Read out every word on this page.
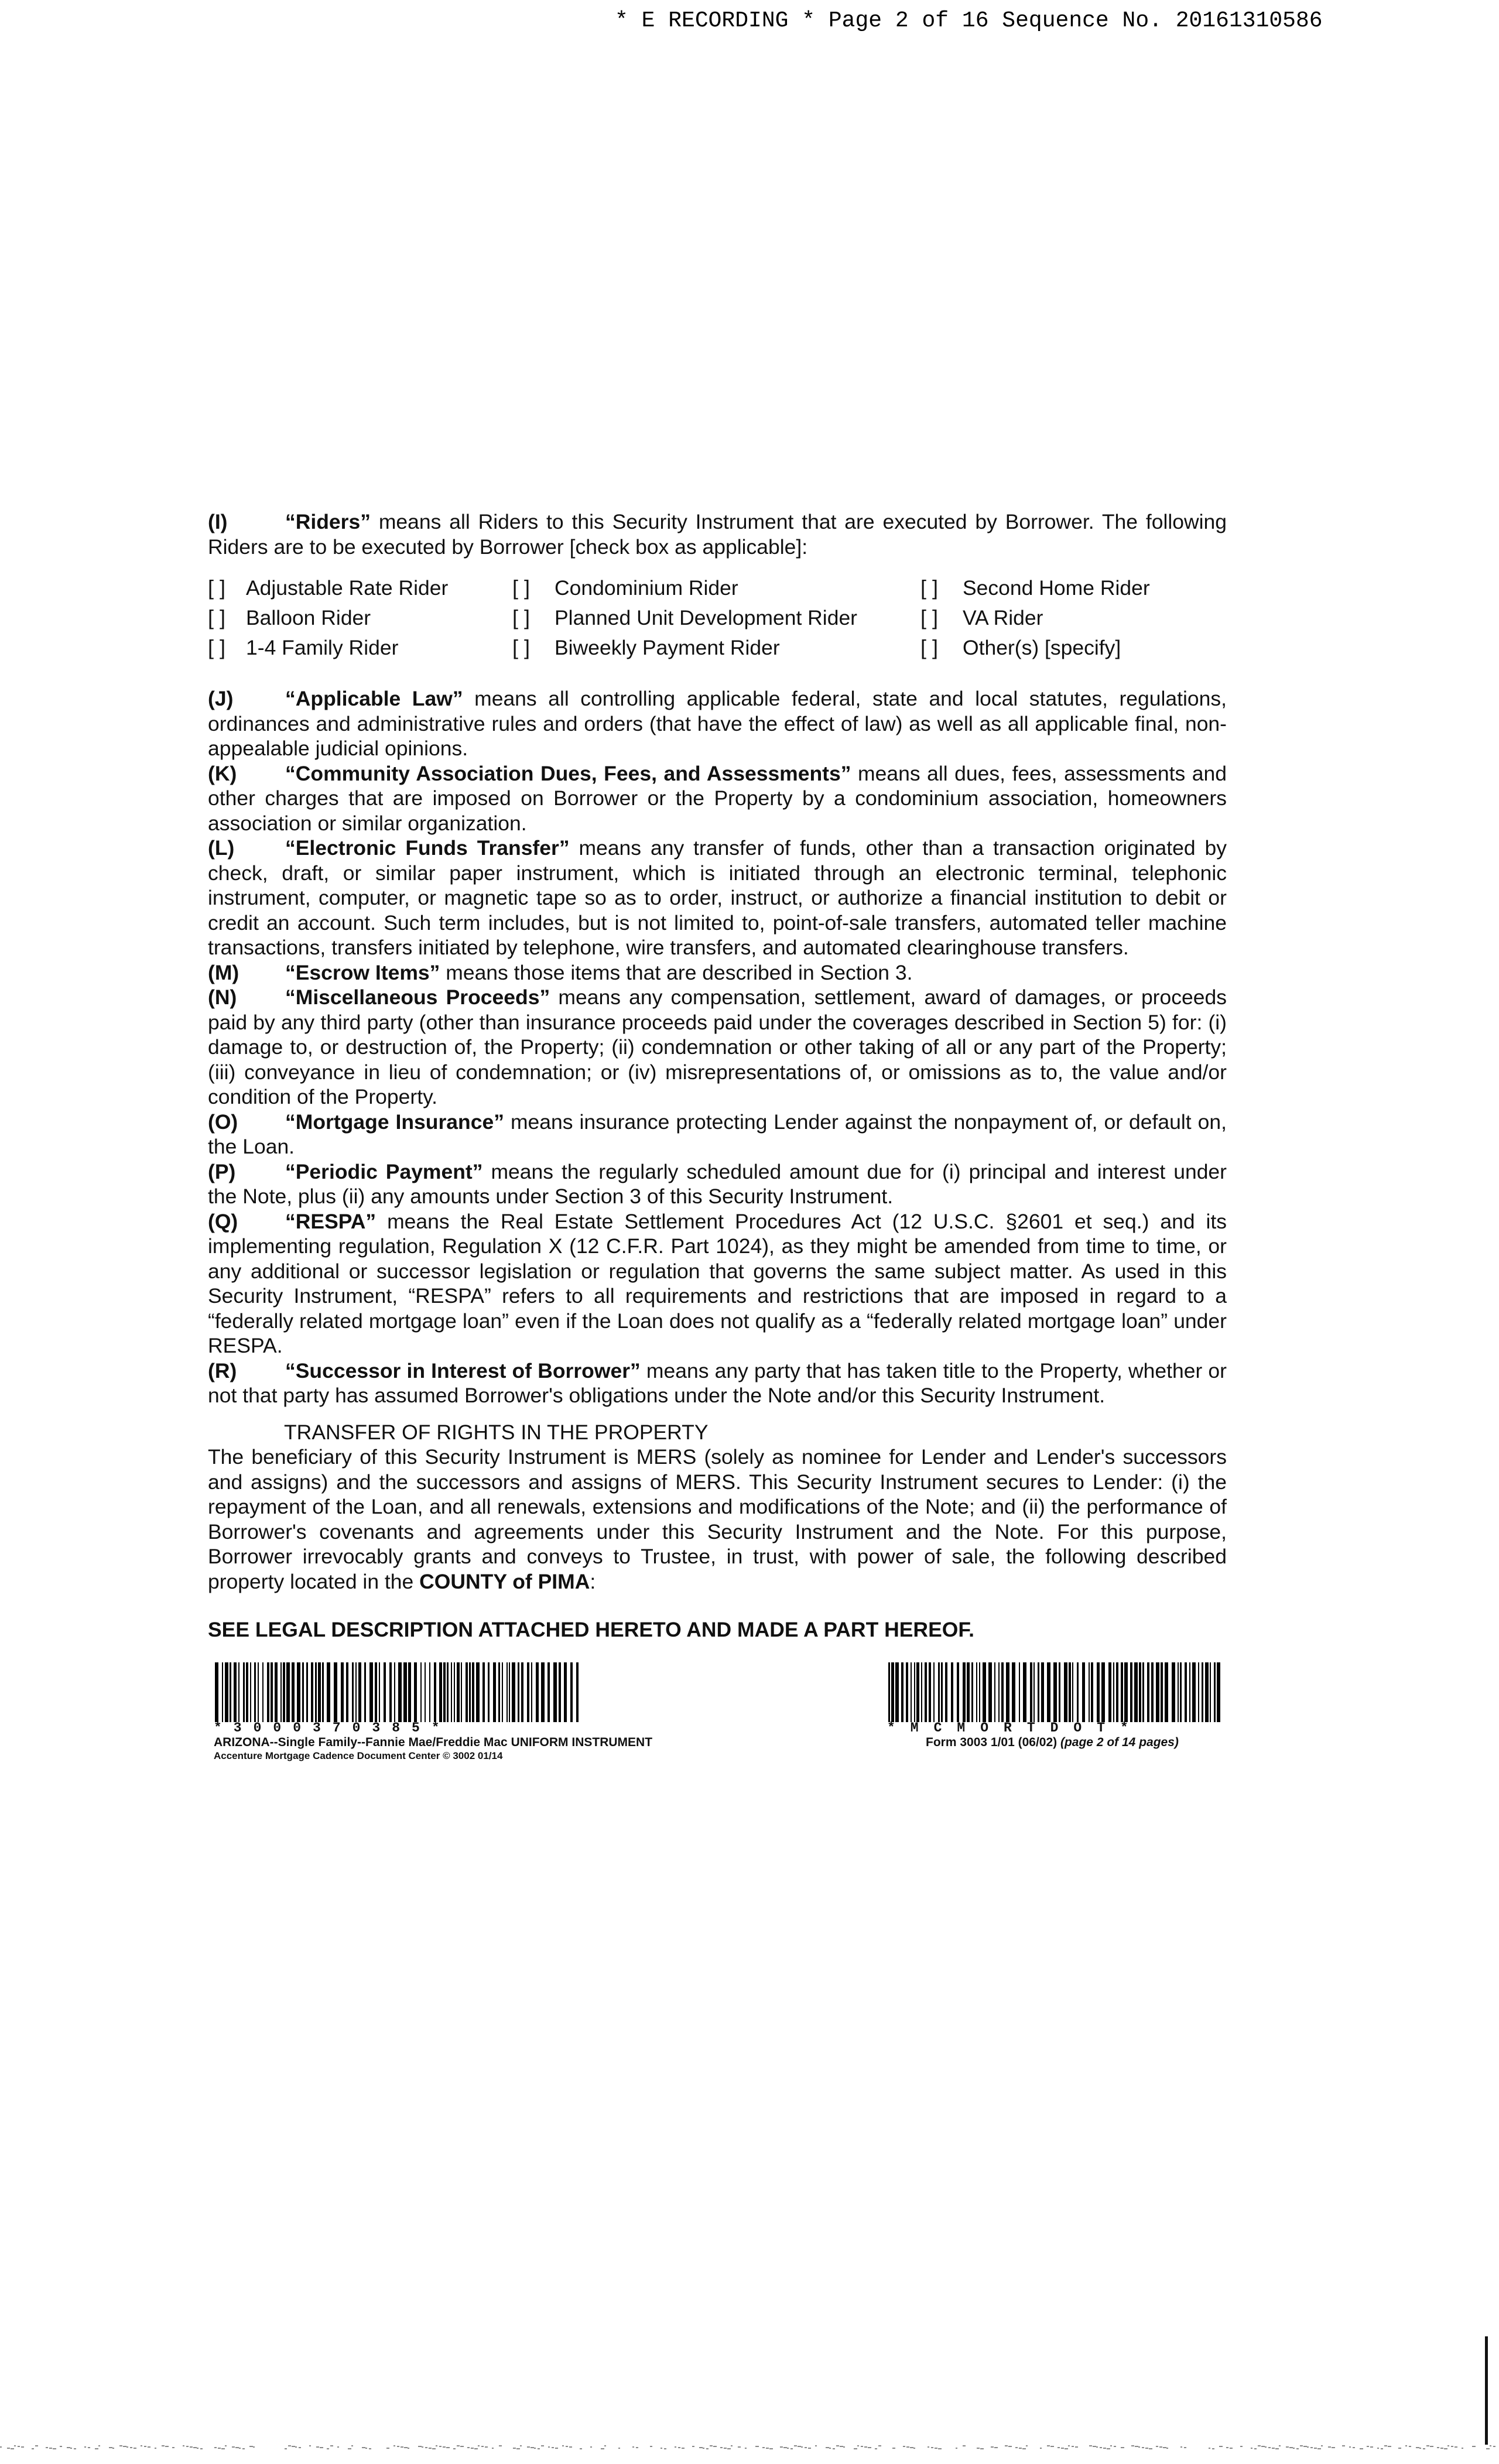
* E RECORDING * Page 2 of 16 Sequence No. 20161310586

(I)	“Riders” means all Riders to this Security Instrument that are executed by Borrower. The following Riders are to be executed by Borrower [check box as applicable]:

[ ] Adjustable Rate Rider	[ ]	Condominium Rider	[ ]	Second Home Rider
[ ] Balloon Rider	[ ]	Planned Unit Development Rider	[ ]	VA Rider
[ ] 1-4 Family Rider	[ ]	Biweekly Payment Rider	[ ]	Other(s) [specify]

(J) “Applicable Law” means all controlling applicable federal, state and local statutes, regulations, ordinances and administrative rules and orders (that have the effect of law) as well as all applicable final, non-appealable judicial opinions.

(K) “Community Association Dues, Fees, and Assessments” means all dues, fees, assessments and other charges that are imposed on Borrower or the Property by a condominium association, homeowners association or similar organization.

(L) “Electronic Funds Transfer” means any transfer of funds, other than a transaction originated by check, draft, or similar paper instrument, which is initiated through an electronic terminal, telephonic instrument, computer, or magnetic tape so as to order, instruct, or authorize a financial institution to debit or credit an account. Such term includes, but is not limited to, point-of-sale transfers, automated teller machine transactions, transfers initiated by telephone, wire transfers, and automated clearinghouse transfers.

(M) “Escrow Items” means those items that are described in Section 3.

(N) “Miscellaneous Proceeds” means any compensation, settlement, award of damages, or proceeds paid by any third party (other than insurance proceeds paid under the coverages described in Section 5) for: (i) damage to, or destruction of, the Property; (ii) condemnation or other taking of all or any part of the Property; (iii) conveyance in lieu of condemnation; or (iv) misrepresentations of, or omissions as to, the value and/or condition of the Property.

(O) “Mortgage Insurance” means insurance protecting Lender against the nonpayment of, or default on, the Loan.

(P) “Periodic Payment” means the regularly scheduled amount due for (i) principal and interest under the Note, plus (ii) any amounts under Section 3 of this Security Instrument.

(Q) “RESPA” means the Real Estate Settlement Procedures Act (12 U.S.C. §2601 et seq.) and its implementing regulation, Regulation X (12 C.F.R. Part 1024), as they might be amended from time to time, or any additional or successor legislation or regulation that governs the same subject matter. As used in this Security Instrument, “RESPA” refers to all requirements and restrictions that are imposed in regard to a “federally related mortgage loan” even if the Loan does not qualify as a “federally related mortgage loan” under RESPA.

(R) “Successor in Interest of Borrower” means any party that has taken title to the Property, whether or not that party has assumed Borrower's obligations under the Note and/or this Security Instrument.

TRANSFER OF RIGHTS IN THE PROPERTY

The beneficiary of this Security Instrument is MERS (solely as nominee for Lender and Lender's successors and assigns) and the successors and assigns of MERS. This Security Instrument secures to Lender: (i) the repayment of the Loan, and all renewals, extensions and modifications of the Note; and (ii) the performance of Borrower's covenants and agreements under this Security Instrument and the Note. For this purpose, Borrower irrevocably grants and conveys to Trustee, in trust, with power of sale, the following described property located in the COUNTY of PIMA:

SEE LEGAL DESCRIPTION ATTACHED HERETO AND MADE A PART HEREOF.
*3000370385*
ARIZONA--Single Family--Fannie Mae/Freddie Mac UNIFORM INSTRUMENT
Accenture Mortgage Cadence Document Center © 3002 01/14
*MCMORTDOT*
Form 3003 1/01 (06/02) (page 2 of 14 pages)
